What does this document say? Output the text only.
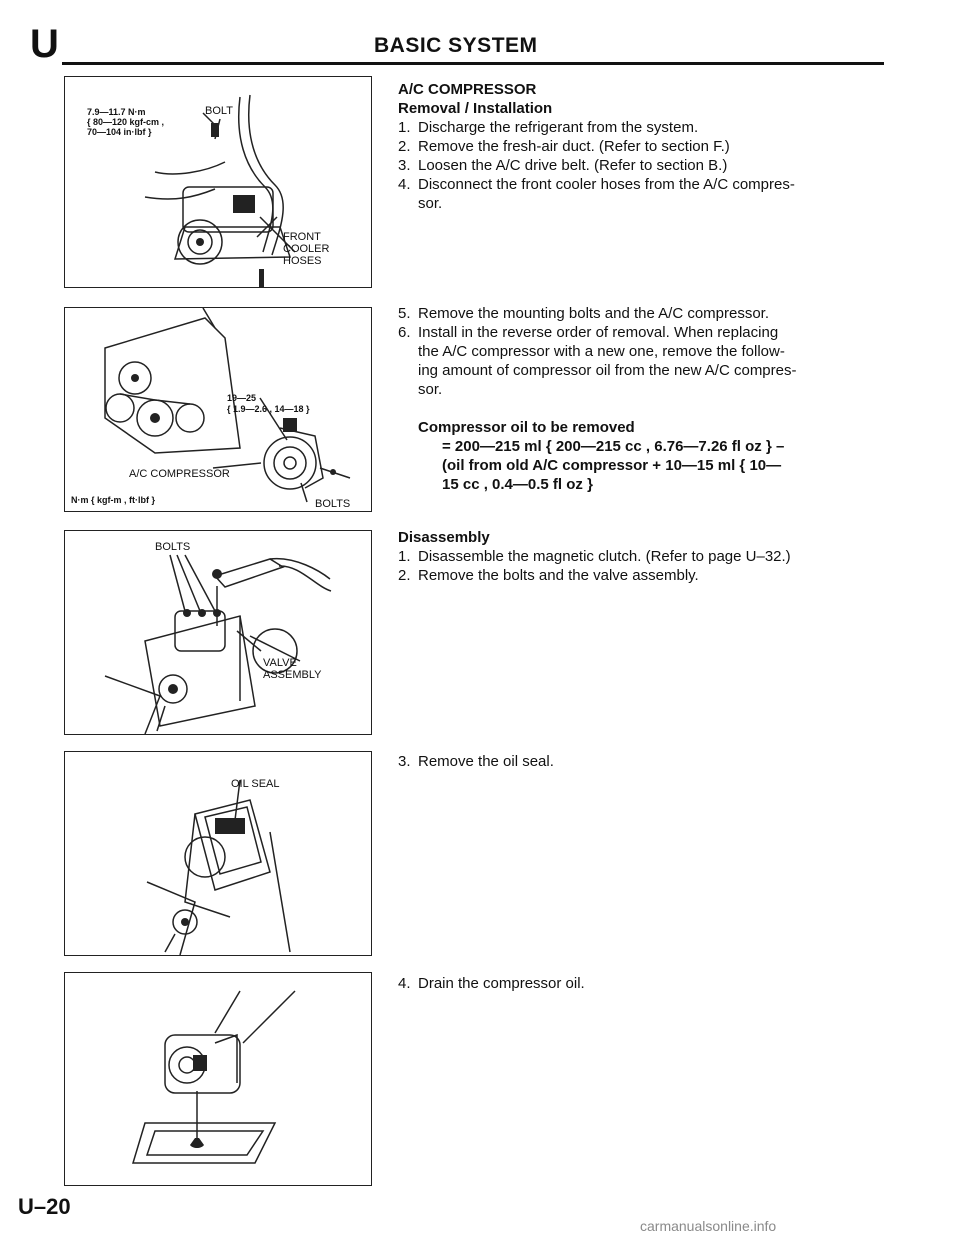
U	BASIC SYSTEM
7.9—11.7 N·m
{ 80—120 kgf-cm ,
70—104 in·lbf }
BOLT
FRONT
COOLER
HOSES
19—25
{ 1.9—2.6 , 14—18 }
A/C COMPRESSOR
N·m { kgf-m , ft·lbf }	BOLTS
BOLTS
VALVE
ASSEMBLY
OIL SEAL
A/C COMPRESSOR
Removal / Installation
1. Discharge the refrigerant from the system.
2. Remove the fresh-air duct. (Refer to section F.)
3. Loosen the A/C drive belt. (Refer to section B.)
4. Disconnect the front cooler hoses from the A/C compres-
sor.
5. Remove the mounting bolts and the A/C compressor.
6. Install in the reverse order of removal. When replacing
the A/C compressor with a new one, remove the follow-
ing amount of compressor oil from the new A/C compres-
sor.
Compressor oil to be removed
= 200—215 ml { 200—215 cc , 6.76—7.26 fl oz } –
(oil from old A/C compressor + 10—15 ml { 10—
15 cc , 0.4—0.5 fl oz }
Disassembly
1. Disassemble the magnetic clutch. (Refer to page U–32.)
2. Remove the bolts and the valve assembly.
3. Remove the oil seal.
4. Drain the compressor oil.
U–20
carmanualsonline.info
